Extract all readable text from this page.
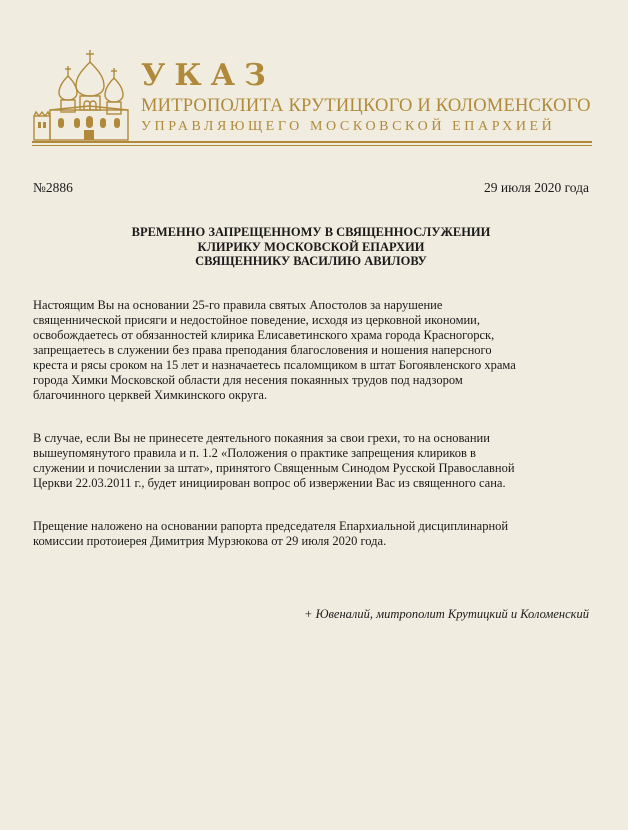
УКАЗ
МИТРОПОЛИТА КРУТИЦКОГО И КОЛОМЕНСКОГО
УПРАВЛЯЮЩЕГО МОСКОВСКОЙ ЕПАРХИЕЙ
№2886	29 июля 2020 года
ВРЕМЕННО ЗАПРЕЩЕННОМУ В СВЯЩЕННОСЛУЖЕНИИ
КЛИРИКУ МОСКОВСКОЙ ЕПАРХИИ
СВЯЩЕННИКУ ВАСИЛИЮ АВИЛОВУ
Настоящим Вы на основании 25-го правила святых Апостолов за нарушение
священнической присяги и недостойное поведение, исходя из церковной икономии,
освобождаетесь от обязанностей клирика Елисаветинского храма города Красногорск,
запрещаетесь в служении без права преподания благословения и ношения наперсного
креста и рясы сроком на 15 лет и назначаетесь псаломщиком в штат Богоявленского храма
города Химки Московской области для несения покаянных трудов под надзором
благочинного церквей Химкинского округа.
В случае, если Вы не принесете деятельного покаяния за свои грехи, то на основании
вышеупомянутого правила и п. 1.2 «Положения о практике запрещения клириков в
служении и почислении за штат», принятого Священным Синодом Русской Православной
Церкви 22.03.2011 г., будет инициирован вопрос об извержении Вас из священного сана.
Прещение наложено на основании рапорта председателя Епархиальной дисциплинарной
комиссии протоиерея Димитрия Мурзюкова от 29 июля 2020 года.
+ Ювеналий, митрополит Крутицкий и Коломенский
